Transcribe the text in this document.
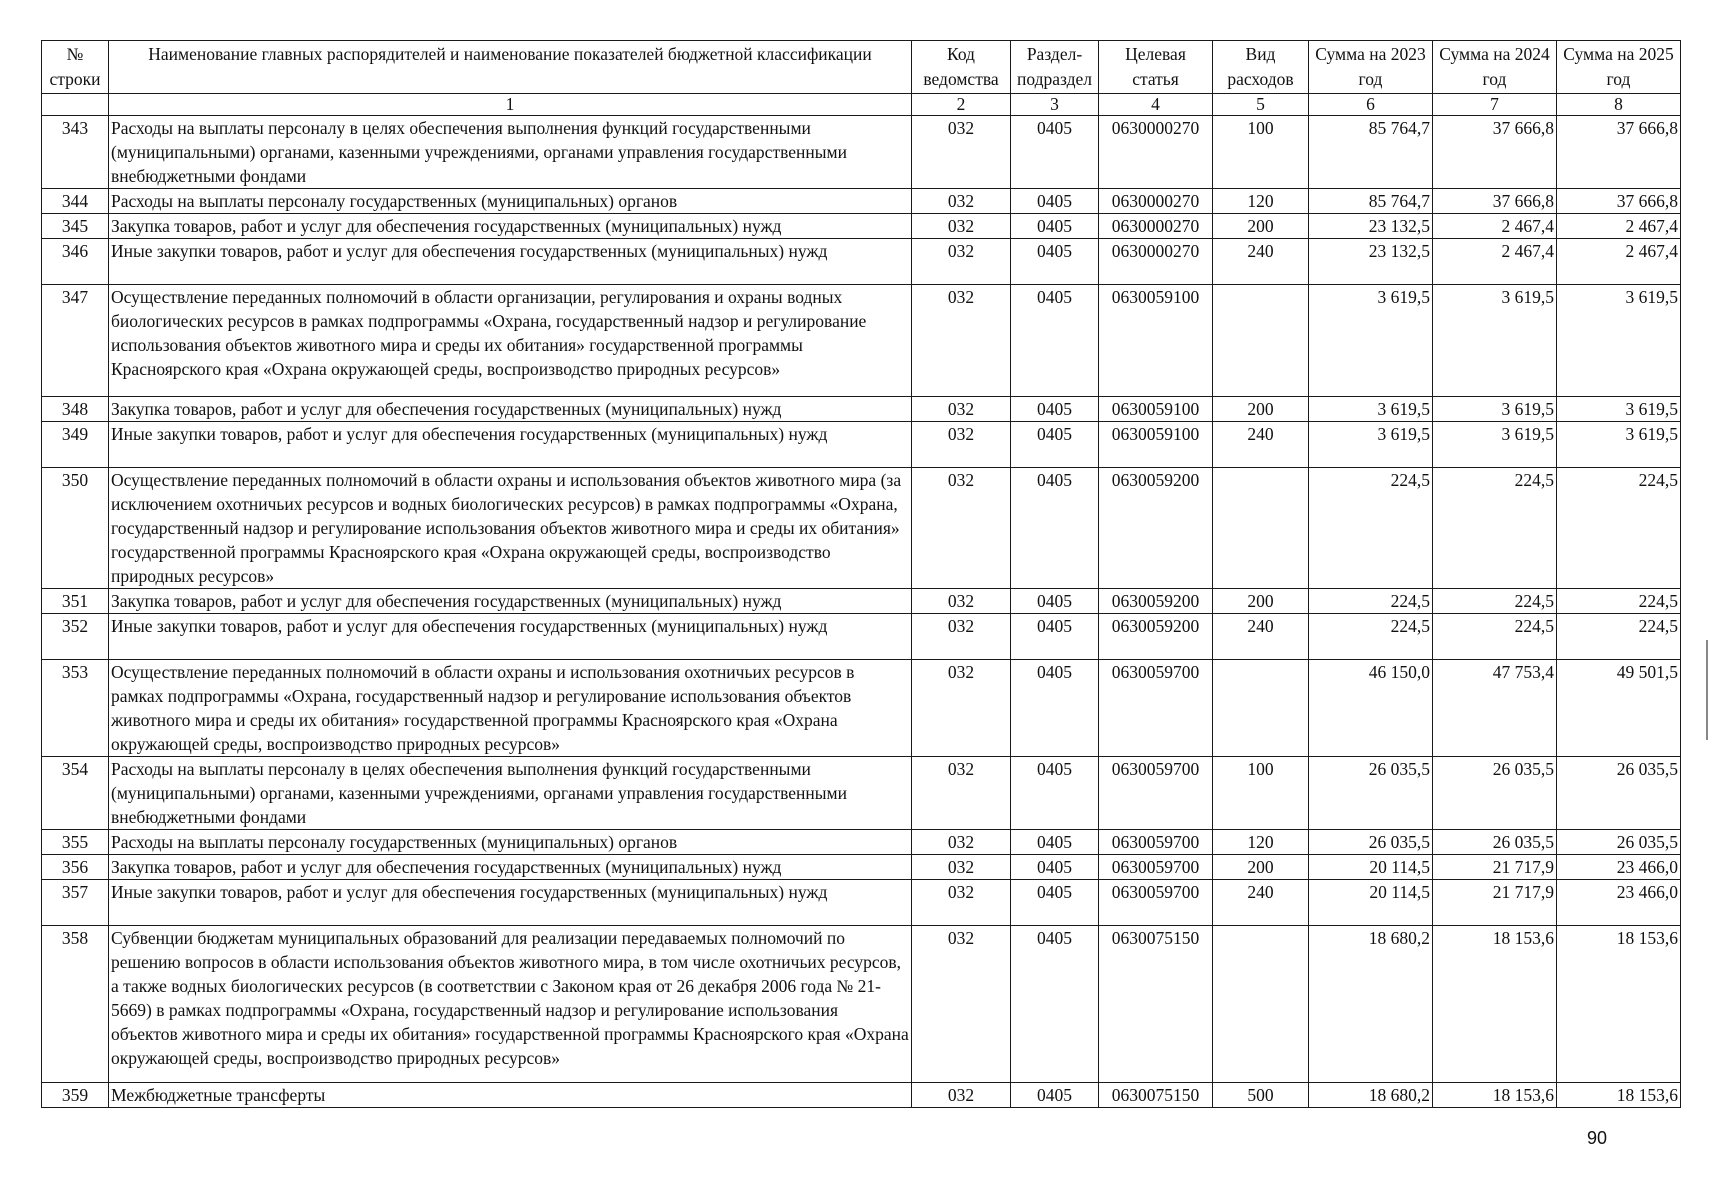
№ строки	Наименование главных распорядителей и наименование показателей бюджетной классификации	Код ведомства	Раздел-подраздел	Целевая статья	Вид расходов	Сумма на 2023 год	Сумма на 2024 год	Сумма на 2025 год
	1	2	3	4	5	6	7	8
343	Расходы на выплаты персоналу в целях обеспечения выполнения функций государственными (муниципальными) органами, казенными учреждениями, органами управления государственными внебюджетными фондами	032	0405	0630000270	100	85 764,7	37 666,8	37 666,8
344	Расходы на выплаты персоналу государственных (муниципальных) органов	032	0405	0630000270	120	85 764,7	37 666,8	37 666,8
345	Закупка товаров, работ и услуг для обеспечения государственных (муниципальных) нужд	032	0405	0630000270	200	23 132,5	2 467,4	2 467,4
346	Иные закупки товаров, работ и услуг для обеспечения государственных (муниципальных) нужд	032	0405	0630000270	240	23 132,5	2 467,4	2 467,4
347	Осуществление переданных полномочий в области организации, регулирования и охраны водных биологических ресурсов в рамках подпрограммы «Охрана, государственный надзор и регулирование использования объектов животного мира и среды их обитания» государственной программы Красноярского края «Охрана окружающей среды, воспроизводство природных ресурсов»	032	0405	0630059100		3 619,5	3 619,5	3 619,5
348	Закупка товаров, работ и услуг для обеспечения государственных (муниципальных) нужд	032	0405	0630059100	200	3 619,5	3 619,5	3 619,5
349	Иные закупки товаров, работ и услуг для обеспечения государственных (муниципальных) нужд	032	0405	0630059100	240	3 619,5	3 619,5	3 619,5
350	Осуществление переданных полномочий в области охраны и использования объектов животного мира (за исключением охотничьих ресурсов и водных биологических ресурсов) в рамках подпрограммы «Охрана, государственный надзор и регулирование использования объектов животного мира и среды их обитания» государственной программы Красноярского края «Охрана окружающей среды, воспроизводство природных ресурсов»	032	0405	0630059200		224,5	224,5	224,5
351	Закупка товаров, работ и услуг для обеспечения государственных (муниципальных) нужд	032	0405	0630059200	200	224,5	224,5	224,5
352	Иные закупки товаров, работ и услуг для обеспечения государственных (муниципальных) нужд	032	0405	0630059200	240	224,5	224,5	224,5
353	Осуществление переданных полномочий в области охраны и использования охотничьих ресурсов в рамках подпрограммы «Охрана, государственный надзор и регулирование использования объектов животного мира и среды их обитания» государственной программы Красноярского края «Охрана окружающей среды, воспроизводство природных ресурсов»	032	0405	0630059700		46 150,0	47 753,4	49 501,5
354	Расходы на выплаты персоналу в целях обеспечения выполнения функций государственными (муниципальными) органами, казенными учреждениями, органами управления государственными внебюджетными фондами	032	0405	0630059700	100	26 035,5	26 035,5	26 035,5
355	Расходы на выплаты персоналу государственных (муниципальных) органов	032	0405	0630059700	120	26 035,5	26 035,5	26 035,5
356	Закупка товаров, работ и услуг для обеспечения государственных (муниципальных) нужд	032	0405	0630059700	200	20 114,5	21 717,9	23 466,0
357	Иные закупки товаров, работ и услуг для обеспечения государственных (муниципальных) нужд	032	0405	0630059700	240	20 114,5	21 717,9	23 466,0
358	Субвенции бюджетам муниципальных образований для реализации передаваемых полномочий по решению вопросов в области использования объектов животного мира, в том числе охотничьих ресурсов, а также водных биологических ресурсов (в соответствии с Законом края от 26 декабря 2006 года № 21-5669) в рамках подпрограммы «Охрана, государственный надзор и регулирование использования объектов животного мира и среды их обитания» государственной программы Красноярского края «Охрана окружающей среды, воспроизводство природных ресурсов»	032	0405	0630075150		18 680,2	18 153,6	18 153,6
359	Межбюджетные трансферты	032	0405	0630075150	500	18 680,2	18 153,6	18 153,6
90
